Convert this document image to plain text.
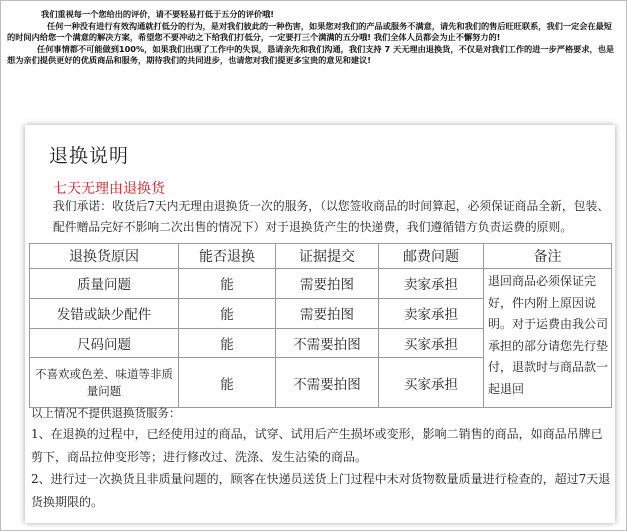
我们重视每一个您给出的评价，请不要轻易打低于五分的评价哦!

任何一种没有进行有效沟通就打低分的行为，是对我们彼此的一种伤害，如果您对我们的产品或服务不满意，请先和我们的售后旺旺联系，我们一定会在最短的时间内给您一个满意的解决方案，希望您不要冲动之下给我们打低分，一定要打三个满满的五分哦! 我们全体人员都会为止不懈努力的!

任何事情都不可能做到100%，如果我们出现了工作中的失误，恳请亲先和我们沟通，我们支持 7 天无理由退换货，不仅是对我们工作的进一步严格要求，也是想为亲们提供更好的优质商品和服务，期待我们的共同进步，也请您对我们提更多宝贵的意见和建议!

退换说明
七天无理由退换货

我们承诺：收货后7天内无理由退换货一次的服务，（以您签收商品的时间算起，必须保证商品全新，包装、配件赠品完好不影响二次出售的情况下）对于退换货产生的快递费，我们遵循错方负责运费的原则。

退换货原因	能否退换	证据提交	邮费问题	备注
质量问题	能	需要拍图	卖家承担	退回商品必须保证完好，件内附上原因说明。对于运费由我公司承担的部分请您先行垫付，退款时与商品款一起退回
发错或缺少配件	能	需要拍图	卖家承担	
尺码问题	能	不需要拍图	买家承担	
不喜欢或色差、味道等非质量问题	能	不需要拍图	买家承担	

以上情况不提供退换货服务：

1、在退换的过程中，已经使用过的商品，试穿、试用后产生损坏或变形，影响二销售的商品，如商品吊牌已剪下，商品拉伸变形等；进行修改过、洗涤、发生沾染的商品。

2、进行过一次换货且非质量问题的，顾客在快递员送货上门过程中未对货物数量质量进行检查的，超过7天退货换期限的。
